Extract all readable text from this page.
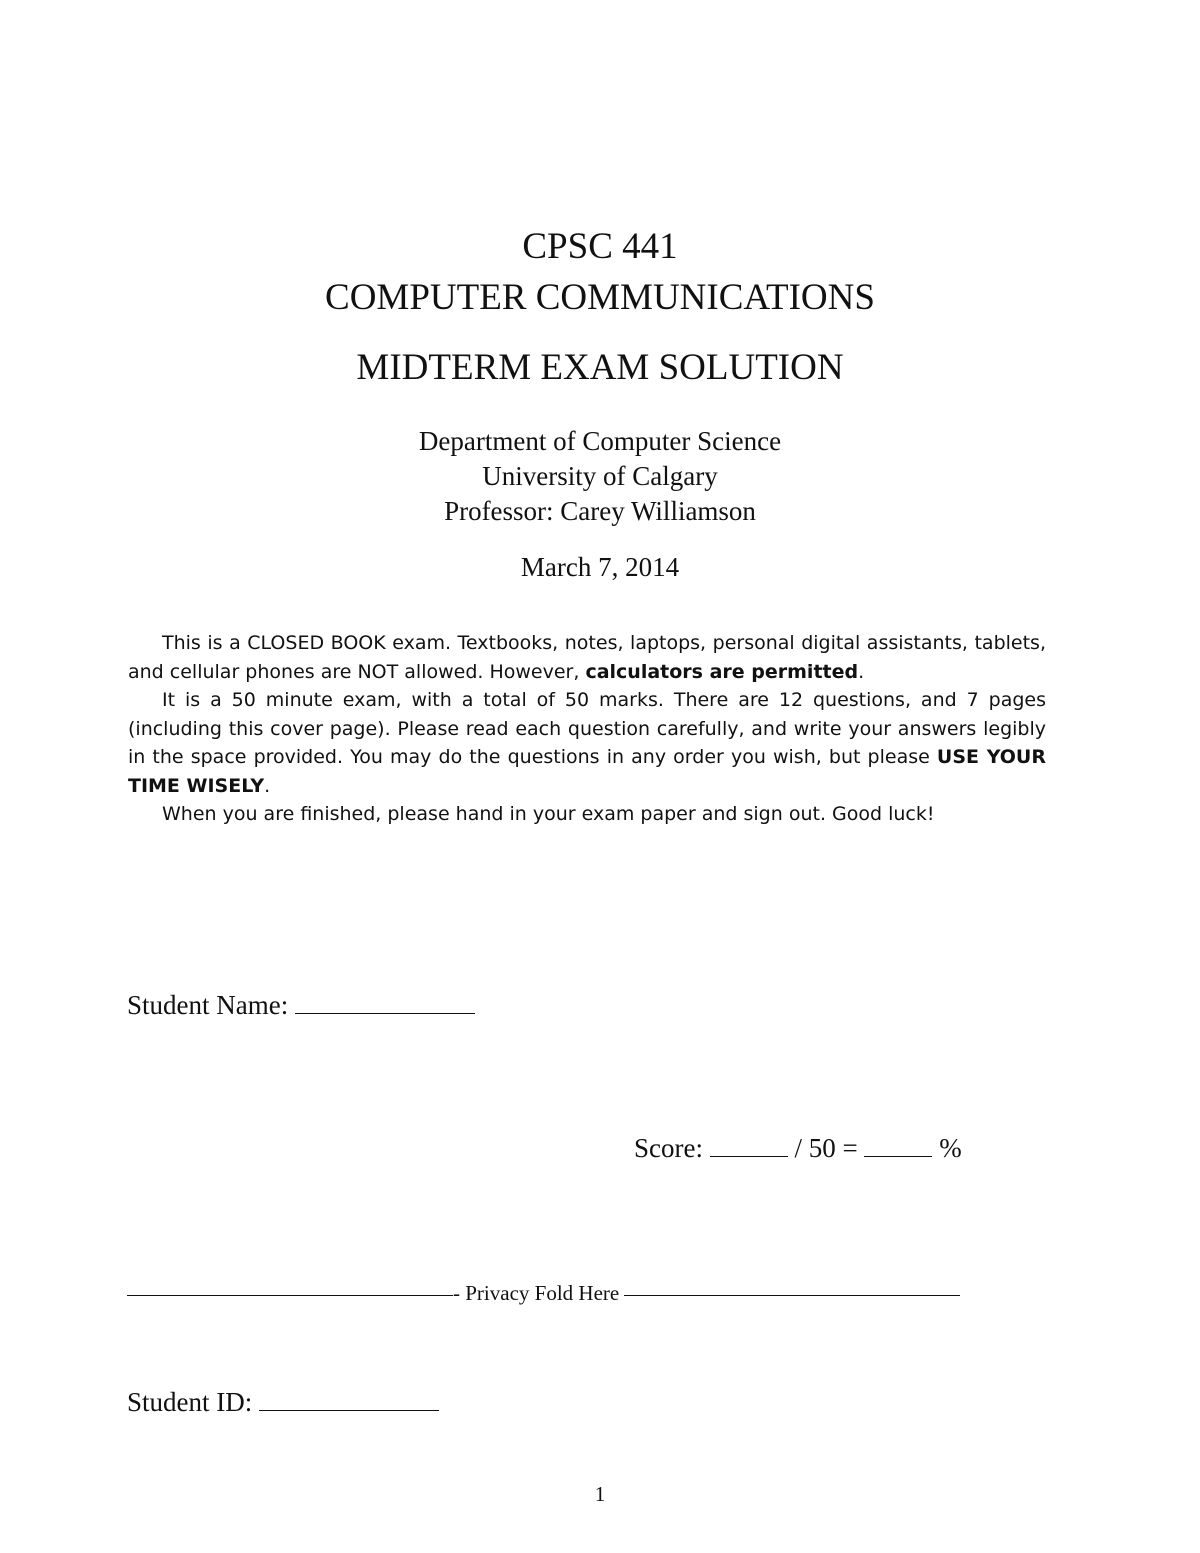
CPSC 441
COMPUTER COMMUNICATIONS
MIDTERM EXAM SOLUTION
Department of Computer Science
University of Calgary
Professor: Carey Williamson
March 7, 2014

This is a CLOSED BOOK exam. Textbooks, notes, laptops, personal digital assistants, tablets, and cellular phones are NOT allowed. However, calculators are permitted.

It is a 50 minute exam, with a total of 50 marks. There are 12 questions, and 7 pages (including this cover page). Please read each question carefully, and write your answers legibly in the space provided. You may do the questions in any order you wish, but please USE YOUR TIME WISELY.

When you are finished, please hand in your exam paper and sign out. Good luck!

Student Name:
Score:	/ 50 =	%
- Privacy Fold Here
Student ID:
1
